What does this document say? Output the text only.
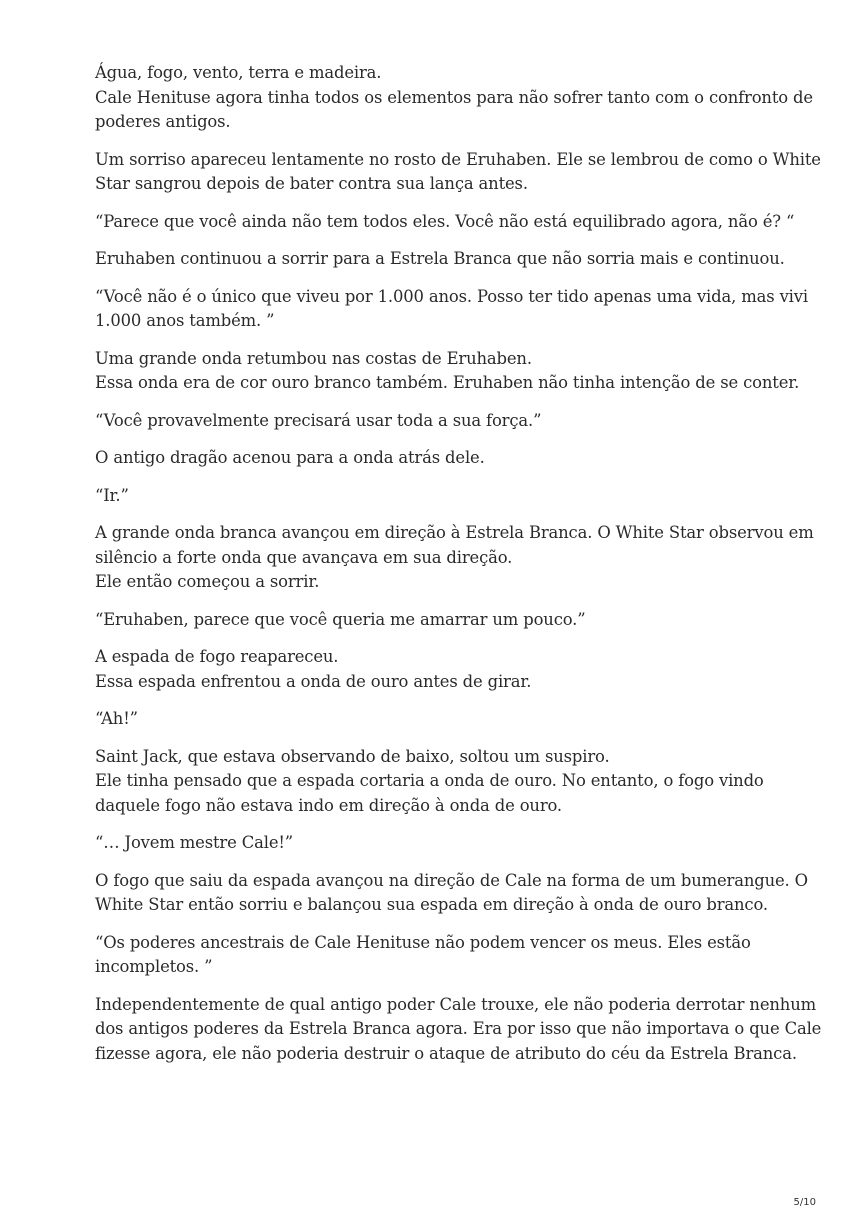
Água, fogo, vento, terra e madeira.
Cale Henituse agora tinha todos os elementos para não sofrer tanto com o confronto de
poderes antigos.

Um sorriso apareceu lentamente no rosto de Eruhaben. Ele se lembrou de como o White
Star sangrou depois de bater contra sua lança antes.

“Parece que você ainda não tem todos eles. Você não está equilibrado agora, não é? “

Eruhaben continuou a sorrir para a Estrela Branca que não sorria mais e continuou.

“Você não é o único que viveu por 1.000 anos. Posso ter tido apenas uma vida, mas vivi
1.000 anos também. ”

Uma grande onda retumbou nas costas de Eruhaben.
Essa onda era de cor ouro branco também. Eruhaben não tinha intenção de se conter.

“Você provavelmente precisará usar toda a sua força.”

O antigo dragão acenou para a onda atrás dele.

“Ir.”

A grande onda branca avançou em direção à Estrela Branca. O White Star observou em
silêncio a forte onda que avançava em sua direção.
Ele então começou a sorrir.

“Eruhaben, parece que você queria me amarrar um pouco.”

A espada de fogo reapareceu.
Essa espada enfrentou a onda de ouro antes de girar.

“Ah!”

Saint Jack, que estava observando de baixo, soltou um suspiro.
Ele tinha pensado que a espada cortaria a onda de ouro. No entanto, o fogo vindo
daquele fogo não estava indo em direção à onda de ouro.

“… Jovem mestre Cale!”

O fogo que saiu da espada avançou na direção de Cale na forma de um bumerangue. O
White Star então sorriu e balançou sua espada em direção à onda de ouro branco.

“Os poderes ancestrais de Cale Henituse não podem vencer os meus. Eles estão
incompletos. ”

Independentemente de qual antigo poder Cale trouxe, ele não poderia derrotar nenhum
dos antigos poderes da Estrela Branca agora. Era por isso que não importava o que Cale
fizesse agora, ele não poderia destruir o ataque de atributo do céu da Estrela Branca.

5/10
